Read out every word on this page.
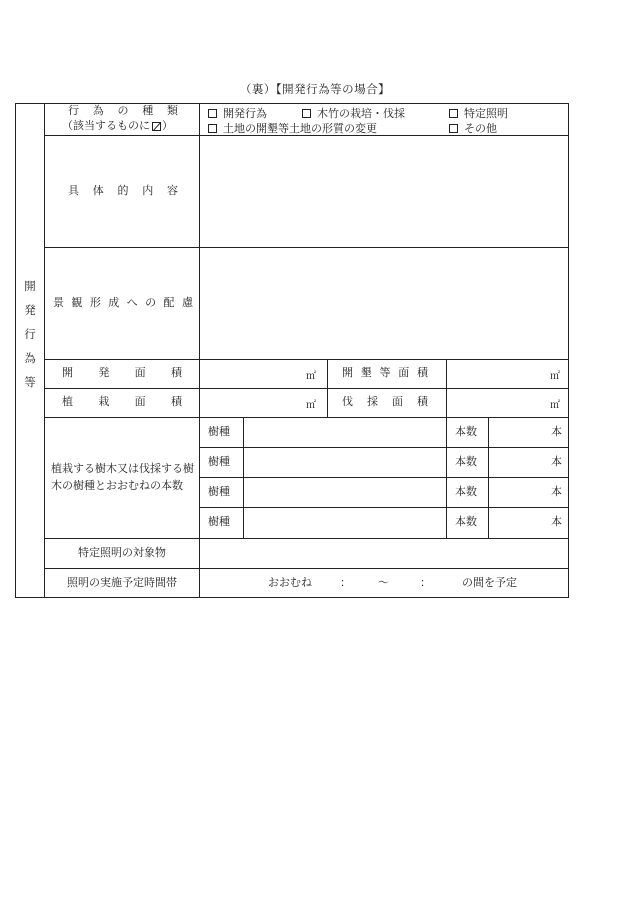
（裏）【開発行為等の場合】
開
発
行
為
等
行 為 の 種 類
（該当するものに ）
開発行為	木竹の栽培・伐採	特定照明
土地の開墾等土地の形質の変更	その他
具 体 的 内 容
景 観 形 成 へ の 配 慮
開 発 面 積	㎡ 開 墾 等 面 積	㎡
植 栽 面 積	㎡ 伐 採 面 積	㎡
植栽する樹木又は伐採する樹木の樹種とおおむねの本数
樹種	本数	本
樹種	本数	本
樹種	本数	本
樹種	本数	本
特定照明の対象物
照明の実施予定時間帯	おおむね	： ～	：	の間を予定
